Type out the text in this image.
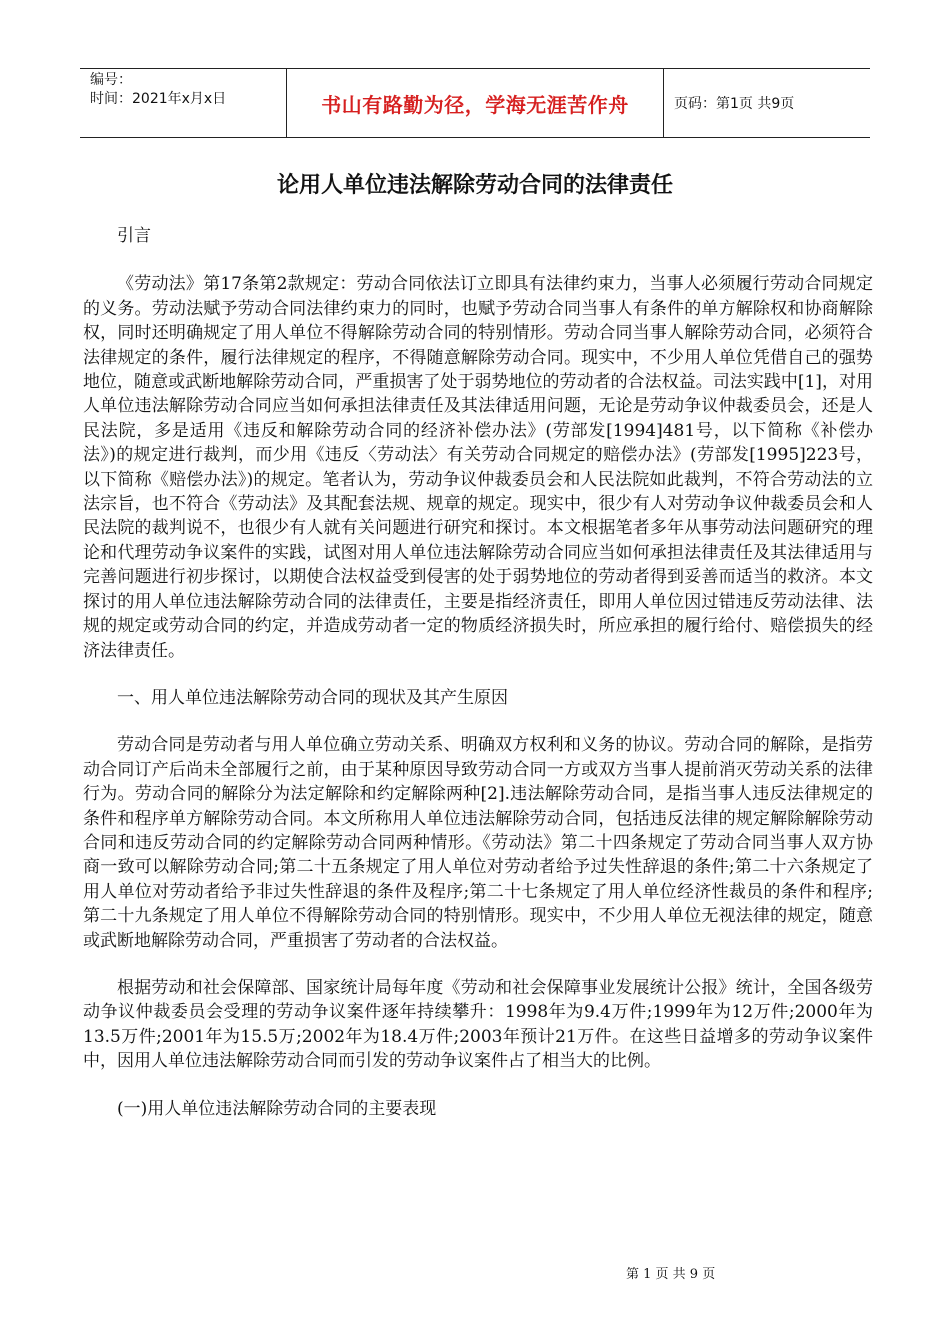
编号：
时间：2021年x月x日	书山有路勤为径，学海无涯苦作舟	页码：第1页 共9页
论用人单位违法解除劳动合同的法律责任

引言

《劳动法》第17条第2款规定：劳动合同依法订立即具有法律约束力，当事人必须履行劳动合同规定的义务。劳动法赋予劳动合同法律约束力的同时，也赋予劳动合同当事人有条件的单方解除权和协商解除权，同时还明确规定了用人单位不得解除劳动合同的特别情形。劳动合同当事人解除劳动合同，必须符合法律规定的条件，履行法律规定的程序，不得随意解除劳动合同。现实中，不少用人单位凭借自己的强势地位，随意或武断地解除劳动合同，严重损害了处于弱势地位的劳动者的合法权益。司法实践中[1]，对用人单位违法解除劳动合同应当如何承担法律责任及其法律适用问题，无论是劳动争议仲裁委员会，还是人民法院，多是适用《违反和解除劳动合同的经济补偿办法》(劳部发[1994]481号，以下简称《补偿办法》)的规定进行裁判，而少用《违反〈劳动法〉有关劳动合同规定的赔偿办法》(劳部发[1995]223号，以下简称《赔偿办法》)的规定。笔者认为，劳动争议仲裁委员会和人民法院如此裁判，不符合劳动法的立法宗旨，也不符合《劳动法》及其配套法规、规章的规定。现实中，很少有人对劳动争议仲裁委员会和人民法院的裁判说不，也很少有人就有关问题进行研究和探讨。本文根据笔者多年从事劳动法问题研究的理论和代理劳动争议案件的实践，试图对用人单位违法解除劳动合同应当如何承担法律责任及其法律适用与完善问题进行初步探讨，以期使合法权益受到侵害的处于弱势地位的劳动者得到妥善而适当的救济。本文探讨的用人单位违法解除劳动合同的法律责任，主要是指经济责任，即用人单位因过错违反劳动法律、法规的规定或劳动合同的约定，并造成劳动者一定的物质经济损失时，所应承担的履行给付、赔偿损失的经济法律责任。

一、用人单位违法解除劳动合同的现状及其产生原因

劳动合同是劳动者与用人单位确立劳动关系、明确双方权利和义务的协议。劳动合同的解除，是指劳动合同订产后尚未全部履行之前，由于某种原因导致劳动合同一方或双方当事人提前消灭劳动关系的法律行为。劳动合同的解除分为法定解除和约定解除两种[2].违法解除劳动合同，是指当事人违反法律规定的条件和程序单方解除劳动合同。本文所称用人单位违法解除劳动合同，包括违反法律的规定解除解除劳动合同和违反劳动合同的约定解除劳动合同两种情形。《劳动法》第二十四条规定了劳动合同当事人双方协商一致可以解除劳动合同;第二十五条规定了用人单位对劳动者给予过失性辞退的条件;第二十六条规定了用人单位对劳动者给予非过失性辞退的条件及程序;第二十七条规定了用人单位经济性裁员的条件和程序;第二十九条规定了用人单位不得解除劳动合同的特别情形。现实中，不少用人单位无视法律的规定，随意或武断地解除劳动合同，严重损害了劳动者的合法权益。

根据劳动和社会保障部、国家统计局每年度《劳动和社会保障事业发展统计公报》统计，全国各级劳动争议仲裁委员会受理的劳动争议案件逐年持续攀升：1998年为9.4万件;1999年为12万件;2000年为13.5万件;2001年为15.5万;2002年为18.4万件;2003年预计21万件。在这些日益增多的劳动争议案件中，因用人单位违法解除劳动合同而引发的劳动争议案件占了相当大的比例。

(一)用人单位违法解除劳动合同的主要表现

第 1 页 共 9 页
